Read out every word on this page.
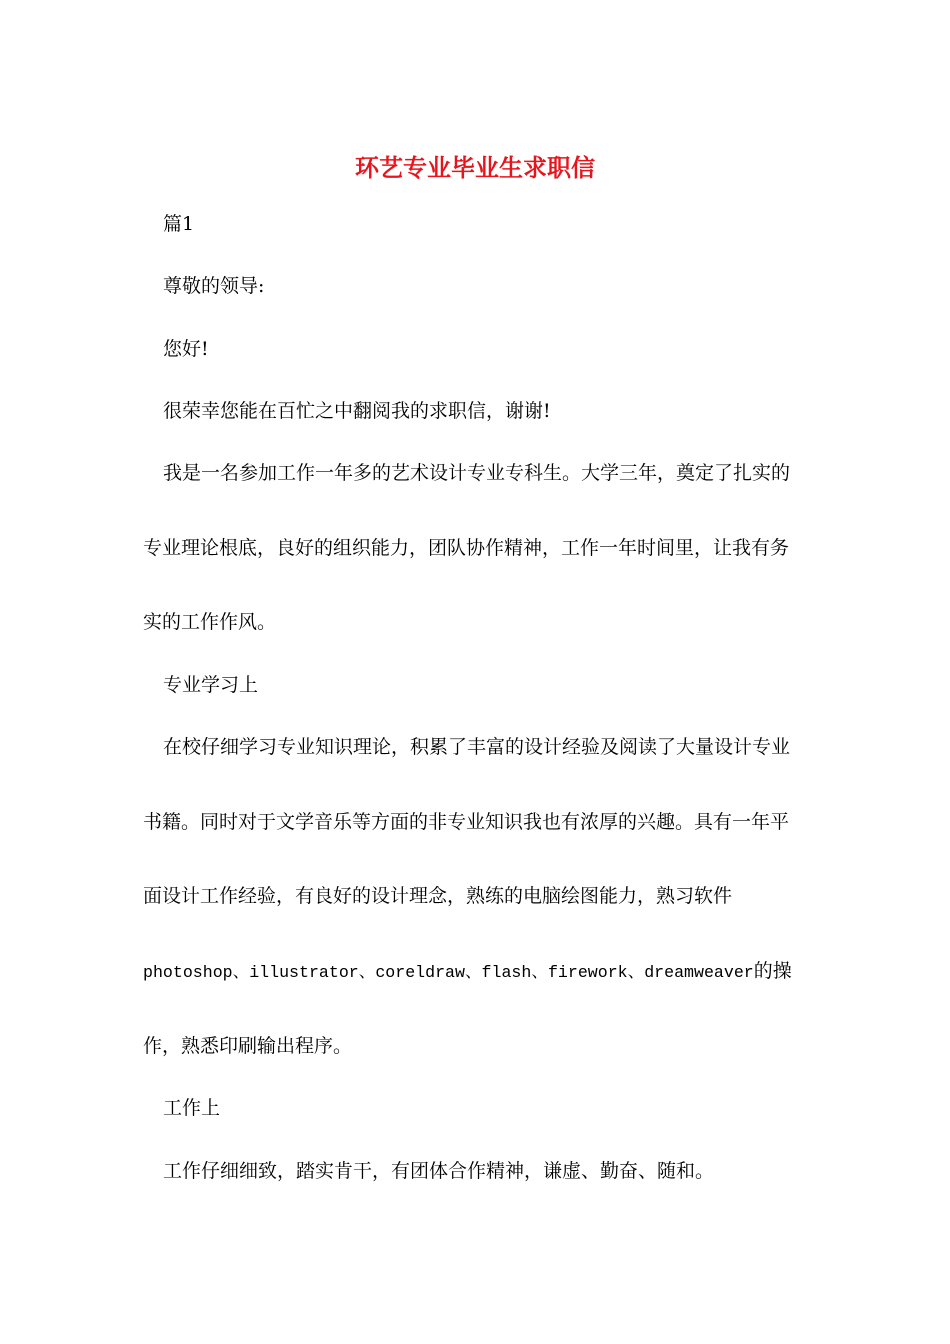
环艺专业毕业生求职信
篇1
尊敬的领导:
您好!
很荣幸您能在百忙之中翻阅我的求职信，谢谢!
我是一名参加工作一年多的艺术设计专业专科生。大学三年，奠定了扎实的
专业理论根底，良好的组织能力，团队协作精神，工作一年时间里，让我有务
实的工作作风。
专业学习上
在校仔细学习专业知识理论，积累了丰富的设计经验及阅读了大量设计专业
书籍。同时对于文学音乐等方面的非专业知识我也有浓厚的兴趣。具有一年平
面设计工作经验，有良好的设计理念，熟练的电脑绘图能力，熟习软件
photoshop、illustrator、coreldraw、flash、firework、dreamweaver的操
作，熟悉印刷输出程序。
工作上
工作仔细细致，踏实肯干，有团体合作精神，谦虚、勤奋、随和。
